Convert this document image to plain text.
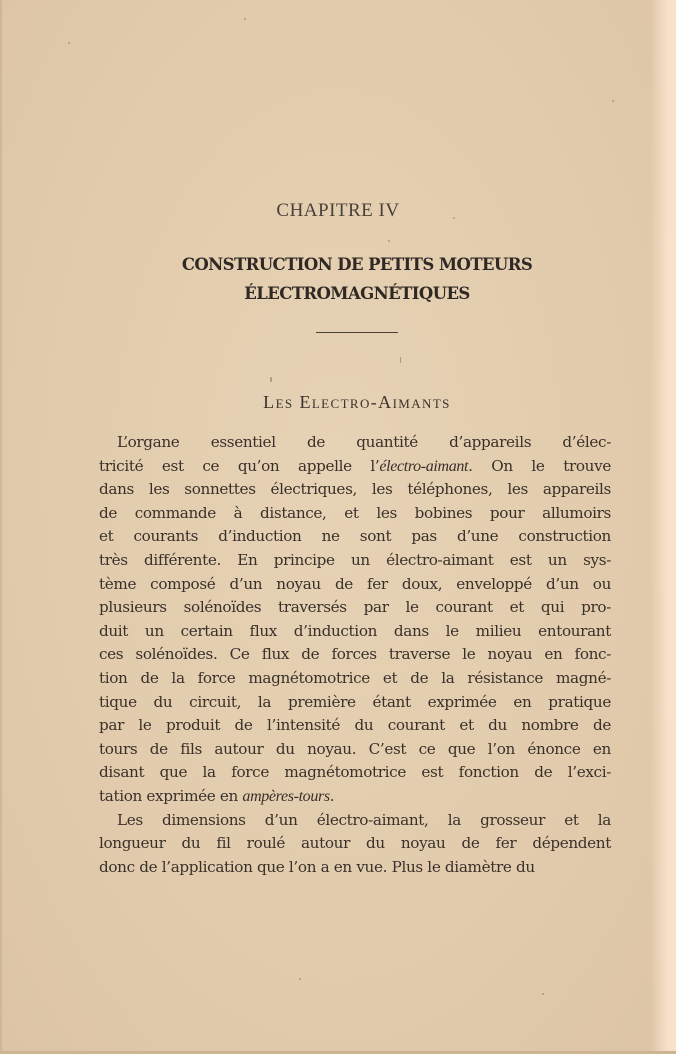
CHAPITRE IV
CONSTRUCTION DE PETITS MOTEURS
ÉLECTROMAGNÉTIQUES
Les Electro-Aimants
L’organe essentiel de quantité d’appareils d’élec-
tricité est ce qu’on appelle l’électro-aimant. On le trouve
dans les sonnettes électriques, les téléphones, les appareils
de commande à distance, et les bobines pour allumoirs
et courants d’induction ne sont pas d’une construction
très différente. En principe un électro-aimant est un sys-
tème composé d’un noyau de fer doux, enveloppé d’un ou
plusieurs solénoïdes traversés par le courant et qui pro-
duit un certain flux d’induction dans le milieu entourant
ces solénoïdes. Ce flux de forces traverse le noyau en fonc-
tion de la force magnétomotrice et de la résistance magné-
tique du circuit, la première étant exprimée en pratique
par le produit de l’intensité du courant et du nombre de
tours de fils autour du noyau. C’est ce que l’on énonce en
disant que la force magnétomotrice est fonction de l’exci-
tation exprimée en ampères-tours.
Les dimensions d’un électro-aimant, la grosseur et la
longueur du fil roulé autour du noyau de fer dépendent
donc de l’application que l’on a en vue. Plus le diamètre du
